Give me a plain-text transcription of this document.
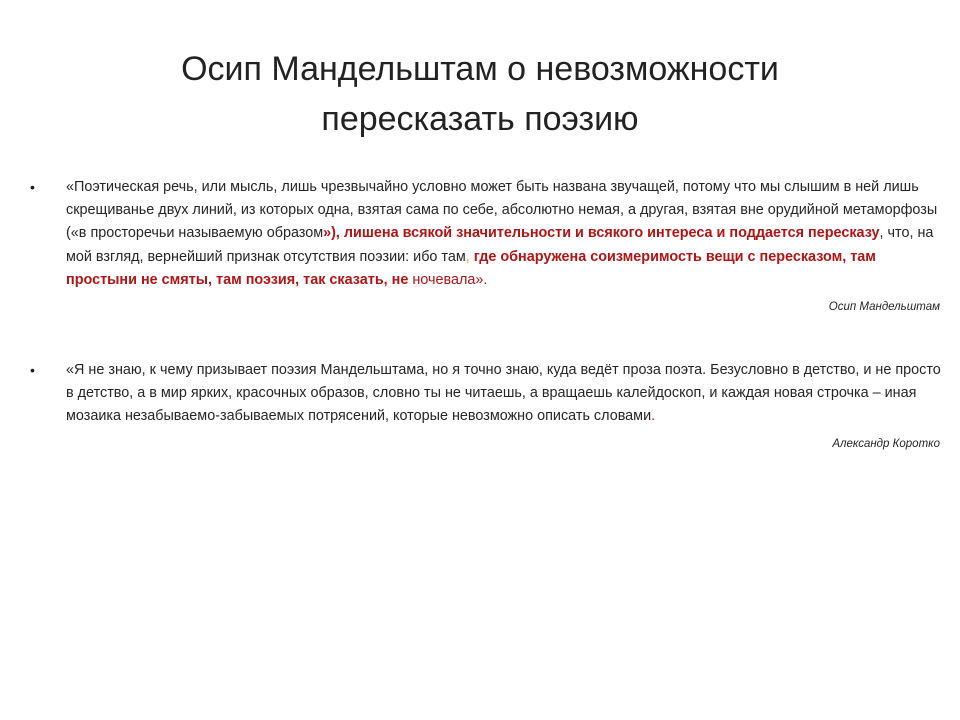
Осип Мандельштам о невозможности
пересказать поэзию
• «Поэтическая речь, или мысль, лишь чрезвычайно условно может быть названа звучащей, потому что мы слышим в ней лишь скрещиванье двух линий, из которых одна, взятая сама по себе, абсолютно немая, а другая, взятая вне орудийной метаморфозы («в просторечьи называемую образом»), лишена всякой значительности и всякого интереса и поддается пересказу, что, на мой взгляд, вернейший признак отсутствия поэзии: ибо там, где обнаружена соизмеримость вещи с пересказом, там простыни не смяты, там поэзия, так сказать, не ночевала».
Осип Мандельштам
• «Я не знаю, к чему призывает поэзия Мандельштама, но я точно знаю, куда ведёт проза поэта. Безусловно в детство, и не просто в детство, а в мир ярких, красочных образов, словно ты не читаешь, а вращаешь калейдоскоп, и каждая новая строчка – иная мозаика незабываемо-забываемых потрясений, которые невозможно описать словами.
Александр Коротко
